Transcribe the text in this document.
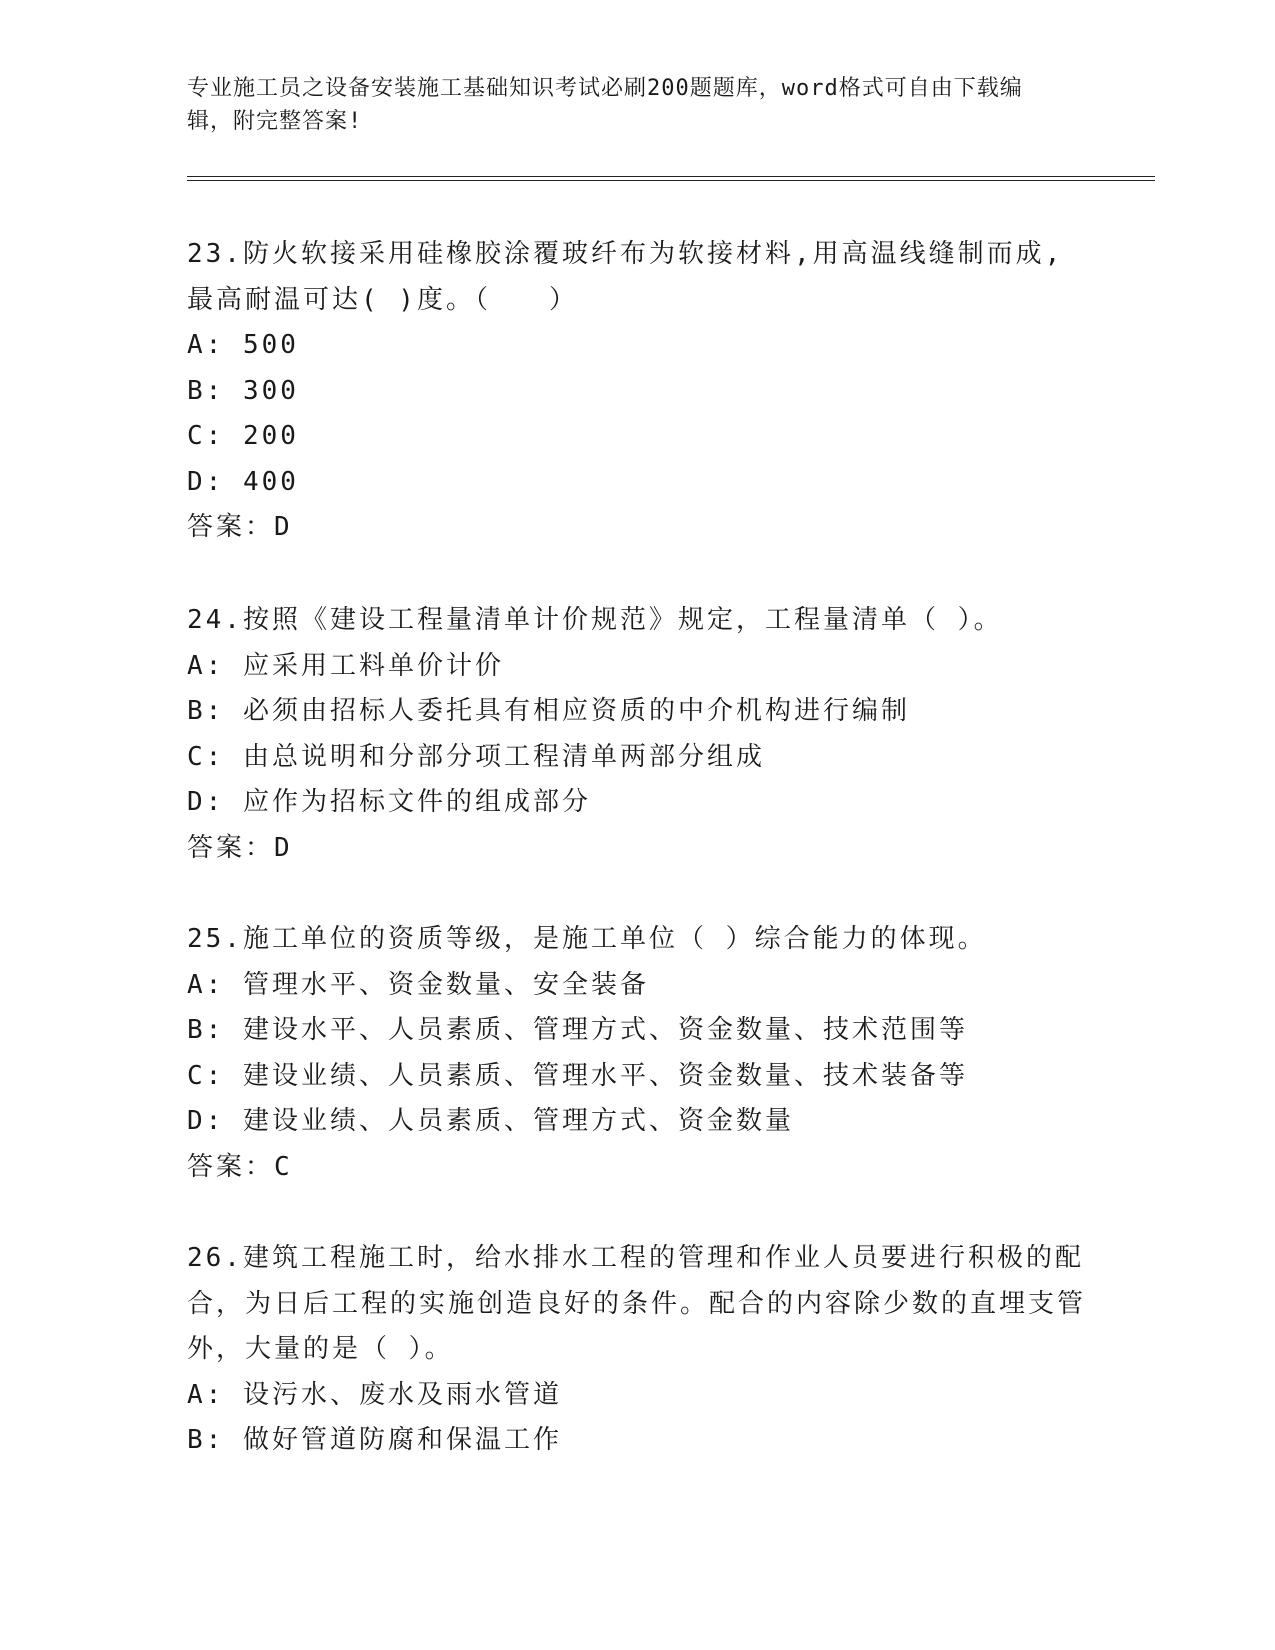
专业施工员之设备安装施工基础知识考试必刷200题题库，word格式可自由下载编辑，附完整答案!

23.防火软接采用硅橡胶涂覆玻纤布为软接材料,用高温线缝制而成,最高耐温可达( )度。（　　）

A: 500

B: 300

C: 200

D: 400

答案：D

24.按照《建设工程量清单计价规范》规定，工程量清单（ ）。

A: 应采用工料单价计价

B: 必须由招标人委托具有相应资质的中介机构进行编制

C: 由总说明和分部分项工程清单两部分组成

D: 应作为招标文件的组成部分

答案：D

25.施工单位的资质等级，是施工单位（ ）综合能力的体现。

A: 管理水平、资金数量、安全装备

B: 建设水平、人员素质、管理方式、资金数量、技术范围等

C: 建设业绩、人员素质、管理水平、资金数量、技术装备等

D: 建设业绩、人员素质、管理方式、资金数量

答案：C

26.建筑工程施工时，给水排水工程的管理和作业人员要进行积极的配合，为日后工程的实施创造良好的条件。配合的内容除少数的直埋支管外，大量的是（ ）。

A: 设污水、废水及雨水管道

B: 做好管道防腐和保温工作
